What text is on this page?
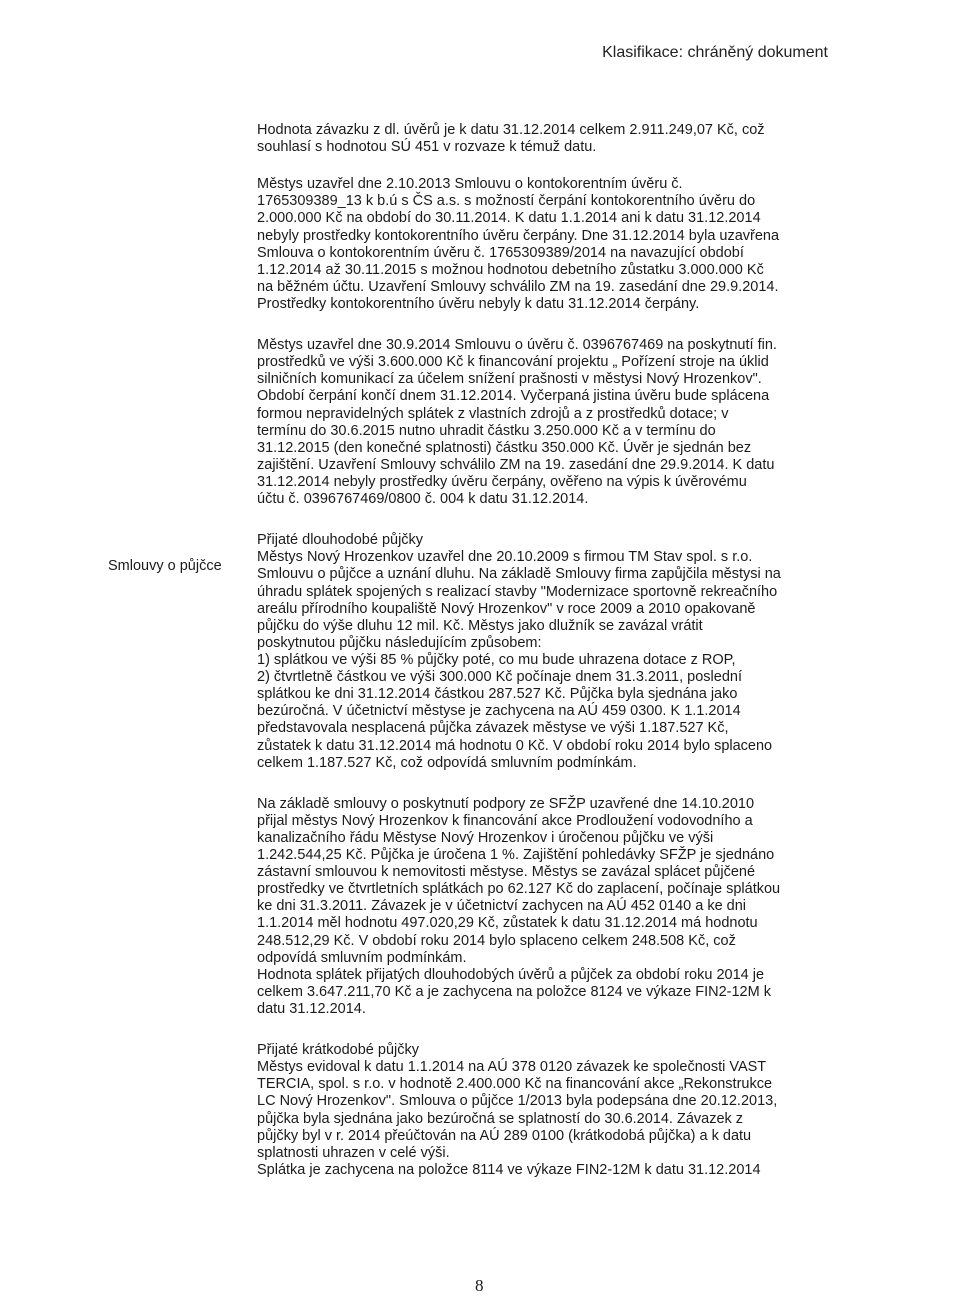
Klasifikace: chráněný dokument
Smlouvy o půjčce
Hodnota závazku z dl. úvěrů je k datu 31.12.2014 celkem 2.911.249,07 Kč, což
souhlasí s hodnotou SÚ 451 v rozvaze k témuž datu.
Městys uzavřel dne 2.10.2013 Smlouvu o kontokorentním úvěru č.
1765309389_13 k b.ú s ČS a.s. s možností čerpání kontokorentního úvěru do
2.000.000 Kč na období do 30.11.2014. K datu 1.1.2014 ani k datu 31.12.2014
nebyly prostředky kontokorentního úvěru čerpány. Dne 31.12.2014 byla uzavřena
Smlouva o kontokorentním úvěru č. 1765309389/2014 na navazující období
1.12.2014 až 30.11.2015 s možnou hodnotou debetního zůstatku 3.000.000 Kč
na běžném účtu. Uzavření Smlouvy schválilo ZM na 19. zasedání dne 29.9.2014.
Prostředky kontokorentního úvěru nebyly k datu 31.12.2014 čerpány.
Městys uzavřel dne 30.9.2014 Smlouvu o úvěru č. 0396767469 na poskytnutí fin.
prostředků ve výši 3.600.000 Kč k financování projektu „ Pořízení stroje na úklid
silničních komunikací za účelem snížení prašnosti v městysi Nový Hrozenkov".
Období čerpání končí dnem 31.12.2014. Vyčerpaná jistina úvěru bude splácena
formou nepravidelných splátek z vlastních zdrojů a z prostředků dotace; v
termínu do 30.6.2015 nutno uhradit částku 3.250.000 Kč a v termínu do
31.12.2015 (den konečné splatnosti) částku 350.000 Kč. Úvěr je sjednán bez
zajištění. Uzavření Smlouvy schválilo ZM na 19. zasedání dne 29.9.2014. K datu
31.12.2014 nebyly prostředky úvěru čerpány, ověřeno na výpis k úvěrovému
účtu č. 0396767469/0800 č. 004 k datu 31.12.2014.
Přijaté dlouhodobé půjčky
Městys Nový Hrozenkov uzavřel dne 20.10.2009 s firmou TM Stav spol. s r.o.
Smlouvu o půjčce a uznání dluhu. Na základě Smlouvy firma zapůjčila městysi na
úhradu splátek spojených s realizací stavby "Modernizace sportovně rekreačního
areálu přírodního koupaliště Nový Hrozenkov" v roce 2009 a 2010 opakovaně
půjčku do výše dluhu 12 mil. Kč. Městys jako dlužník se zavázal vrátit
poskytnutou půjčku následujícím způsobem:
1) splátkou ve výši 85 % půjčky poté, co mu bude uhrazena dotace z ROP,
2) čtvrtletně částkou ve výši 300.000 Kč počínaje dnem 31.3.2011, poslední
splátkou ke dni 31.12.2014 částkou 287.527 Kč. Půjčka byla sjednána jako
bezúročná. V účetnictví městyse je zachycena na AÚ 459 0300. K 1.1.2014
představovala nesplacená půjčka závazek městyse ve výši 1.187.527 Kč,
zůstatek k datu 31.12.2014 má hodnotu 0 Kč. V období roku 2014 bylo splaceno
celkem 1.187.527 Kč, což odpovídá smluvním podmínkám.
Na základě smlouvy o poskytnutí podpory ze SFŽP uzavřené dne 14.10.2010
přijal městys Nový Hrozenkov k financování akce Prodloužení vodovodního a
kanalizačního řádu Městyse Nový Hrozenkov i úročenou půjčku ve výši
1.242.544,25 Kč. Půjčka je úročena 1 %. Zajištění pohledávky SFŽP je sjednáno
zástavní smlouvou k nemovitosti městyse. Městys se zavázal splácet půjčené
prostředky ve čtvrtletních splátkách po 62.127 Kč do zaplacení, počínaje splátkou
ke dni 31.3.2011. Závazek je v účetnictví zachycen na AÚ 452 0140 a ke dni
1.1.2014 měl hodnotu 497.020,29 Kč, zůstatek k datu 31.12.2014 má hodnotu
248.512,29 Kč. V období roku 2014 bylo splaceno celkem 248.508 Kč, což
odpovídá smluvním podmínkám.
Hodnota splátek přijatých dlouhodobých úvěrů a půjček za období roku 2014 je
celkem 3.647.211,70 Kč a je zachycena na položce 8124 ve výkaze FIN2-12M k
datu 31.12.2014.
Přijaté krátkodobé půjčky
Městys evidoval k datu 1.1.2014 na AÚ 378 0120 závazek ke společnosti VAST
TERCIA, spol. s r.o. v hodnotě 2.400.000 Kč na financování akce „Rekonstrukce
LC Nový Hrozenkov". Smlouva o půjčce 1/2013 byla podepsána dne 20.12.2013,
půjčka byla sjednána jako bezúročná se splatností do 30.6.2014. Závazek z
půjčky byl v r. 2014 přeúčtován na AÚ 289 0100 (krátkodobá půjčka) a k datu
splatnosti uhrazen v celé výši.
Splátka je zachycena na položce 8114 ve výkaze FIN2-12M k datu 31.12.2014
8
